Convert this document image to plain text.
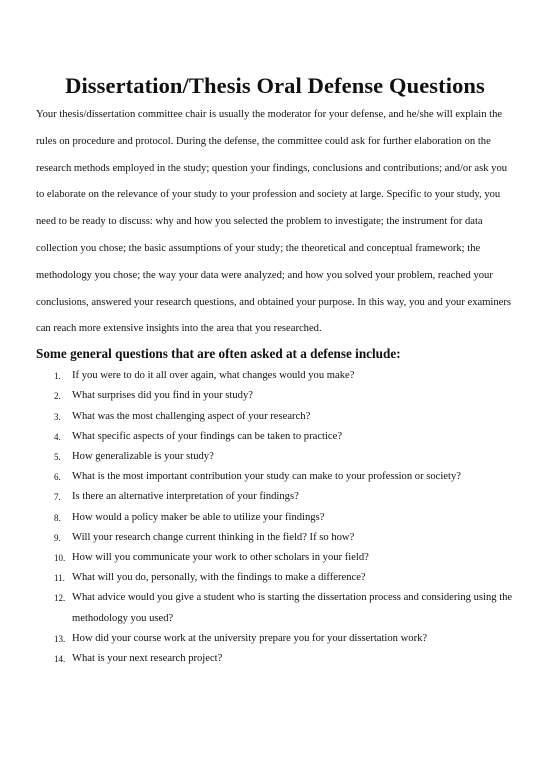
Dissertation/Thesis Oral Defense Questions

Your thesis/dissertation committee chair is usually the moderator for your defense, and he/she will explain the rules on procedure and protocol. During the defense, the committee could ask for further elaboration on the research methods employed in the study; question your findings, conclusions and contributions; and/or ask you to elaborate on the relevance of your study to your profession and society at large. Specific to your study, you need to be ready to discuss: why and how you selected the problem to investigate; the instrument for data collection you chose; the basic assumptions of your study; the theoretical and conceptual framework; the methodology you chose; the way your data were analyzed; and how you solved your problem, reached your conclusions, answered your research questions, and obtained your purpose. In this way, you and your examiners can reach more extensive insights into the area that you researched.

Some general questions that are often asked at a defense include:
1. If you were to do it all over again, what changes would you make?
2. What surprises did you find in your study?
3. What was the most challenging aspect of your research?
4. What specific aspects of your findings can be taken to practice?
5. How generalizable is your study?
6. What is the most important contribution your study can make to your profession or society?
7. Is there an alternative interpretation of your findings?
8. How would a policy maker be able to utilize your findings?
9. Will your research change current thinking in the field? If so how?
10. How will you communicate your work to other scholars in your field?
11. What will you do, personally, with the findings to make a difference?
12. What advice would you give a student who is starting the dissertation process and considering using the methodology you used?
13. How did your course work at the university prepare you for your dissertation work?
14. What is your next research project?
